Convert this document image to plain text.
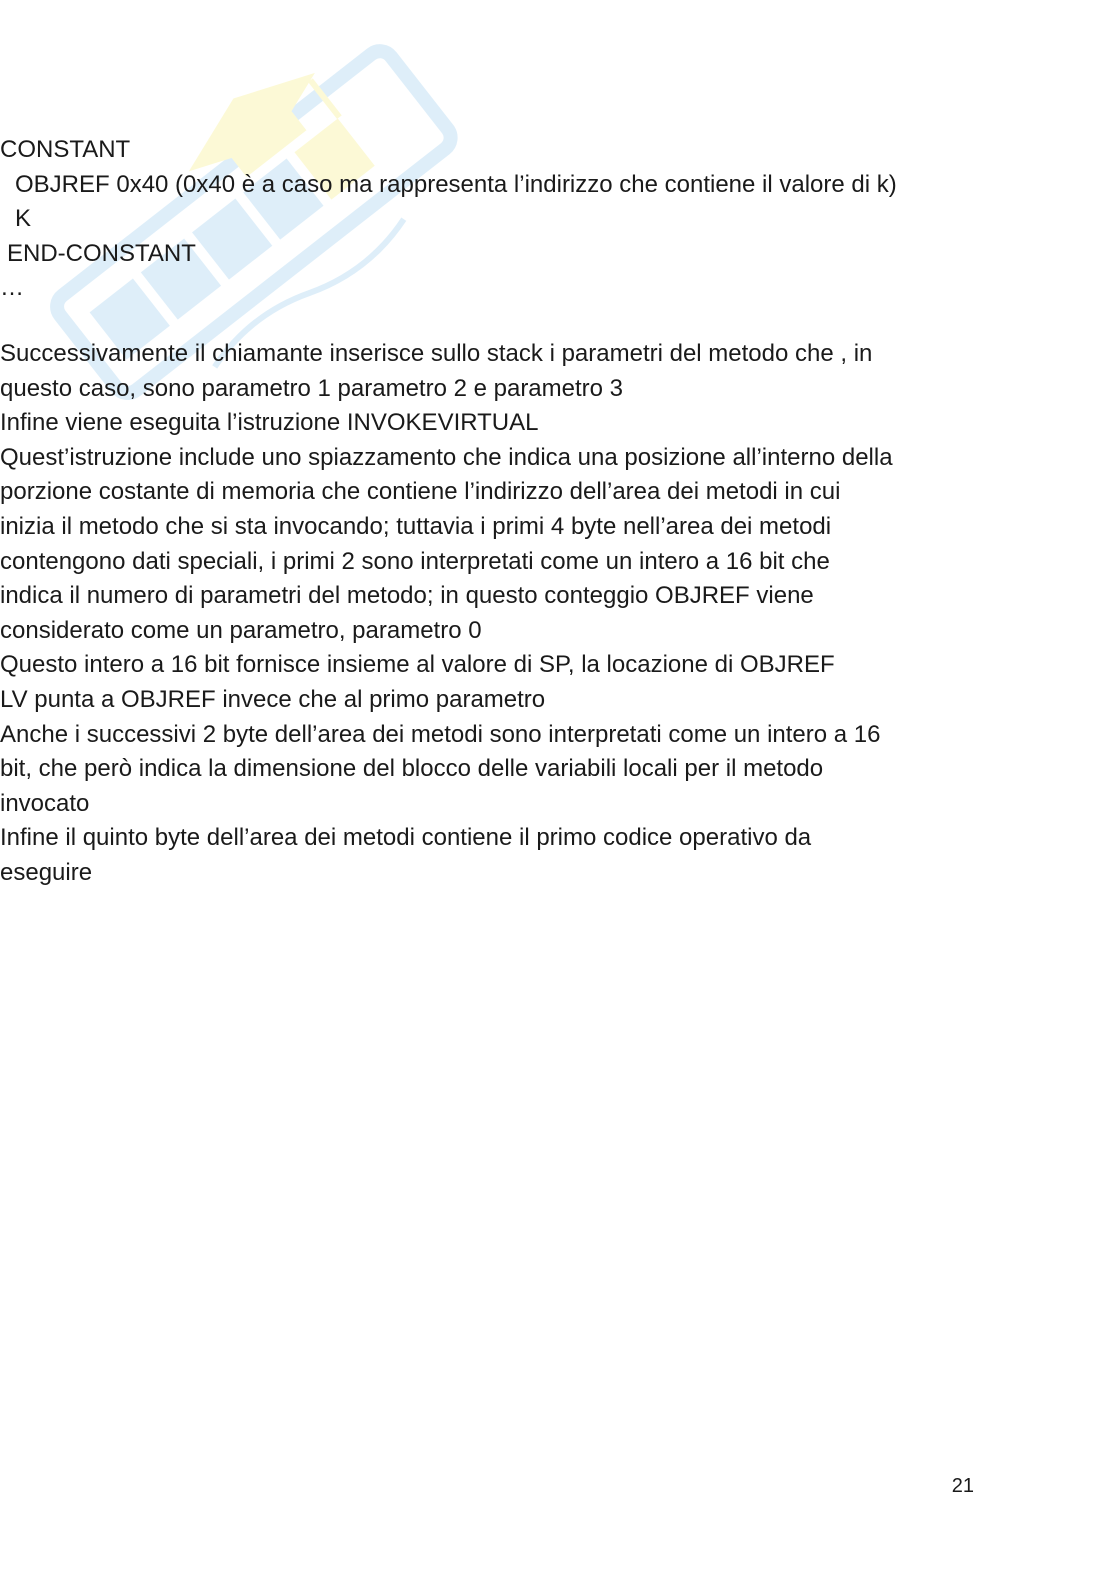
CONSTANT
OBJREF 0x40 (0x40 è a caso ma rappresenta l’indirizzo che contiene il valore di k)
K
END-CONSTANT
…
Successivamente il chiamante inserisce sullo stack i parametri del metodo che , in
questo caso, sono parametro 1 parametro 2 e parametro 3
Infine viene eseguita l’istruzione INVOKEVIRTUAL
Quest’istruzione include uno spiazzamento che indica una posizione all’interno della
porzione costante di memoria che contiene l’indirizzo dell’area dei metodi in cui
inizia il metodo che si sta invocando; tuttavia i primi 4 byte nell’area dei metodi
contengono dati speciali, i primi 2 sono interpretati come un intero a 16 bit che
indica il numero di parametri del metodo; in questo conteggio OBJREF viene
considerato come un parametro, parametro 0
Questo intero a 16 bit fornisce insieme al valore di SP, la locazione di OBJREF
LV punta a OBJREF invece che al primo parametro
Anche i successivi 2 byte dell’area dei metodi sono interpretati come un intero a 16
bit, che però indica la dimensione del blocco delle variabili locali per il metodo
invocato
Infine il quinto byte dell’area dei metodi contiene il primo codice operativo da
eseguire
21
